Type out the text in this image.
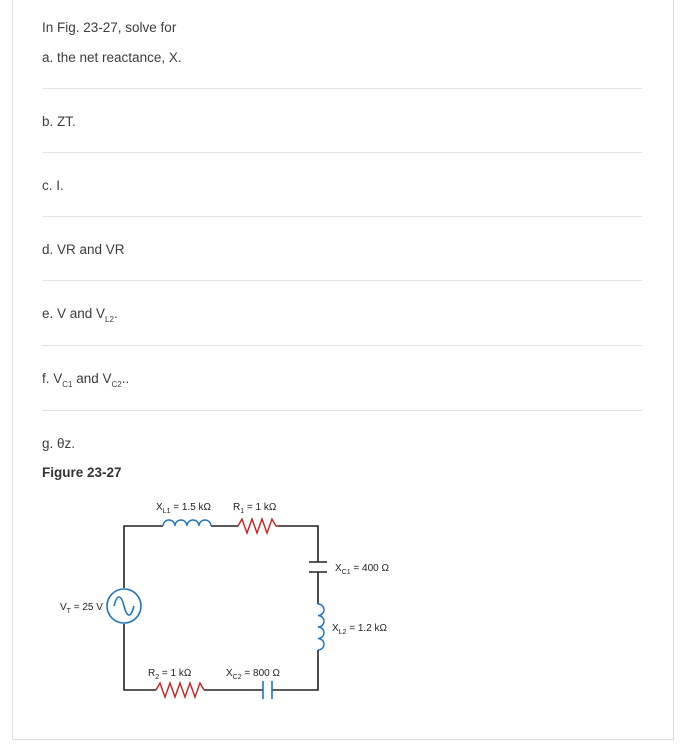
In Fig. 23-27, solve for
a. the net reactance, X.
b. ZT.
c. I.
d. VR and VR
e. V and $V_{L2}$.
f. $V_{C1}$ and $V_{C2}$..
g. θz.
Figure 23-27
$X_{L1} = 1.5$ kΩ $R_1 = 1$ kΩ
$X_{C1} = 400$ Ω
$X_{L2} = 1.2$ kΩ
$R_2 = 1$ kΩ	$X_{C2} = 800$ Ω
$V_T = 25$ V
